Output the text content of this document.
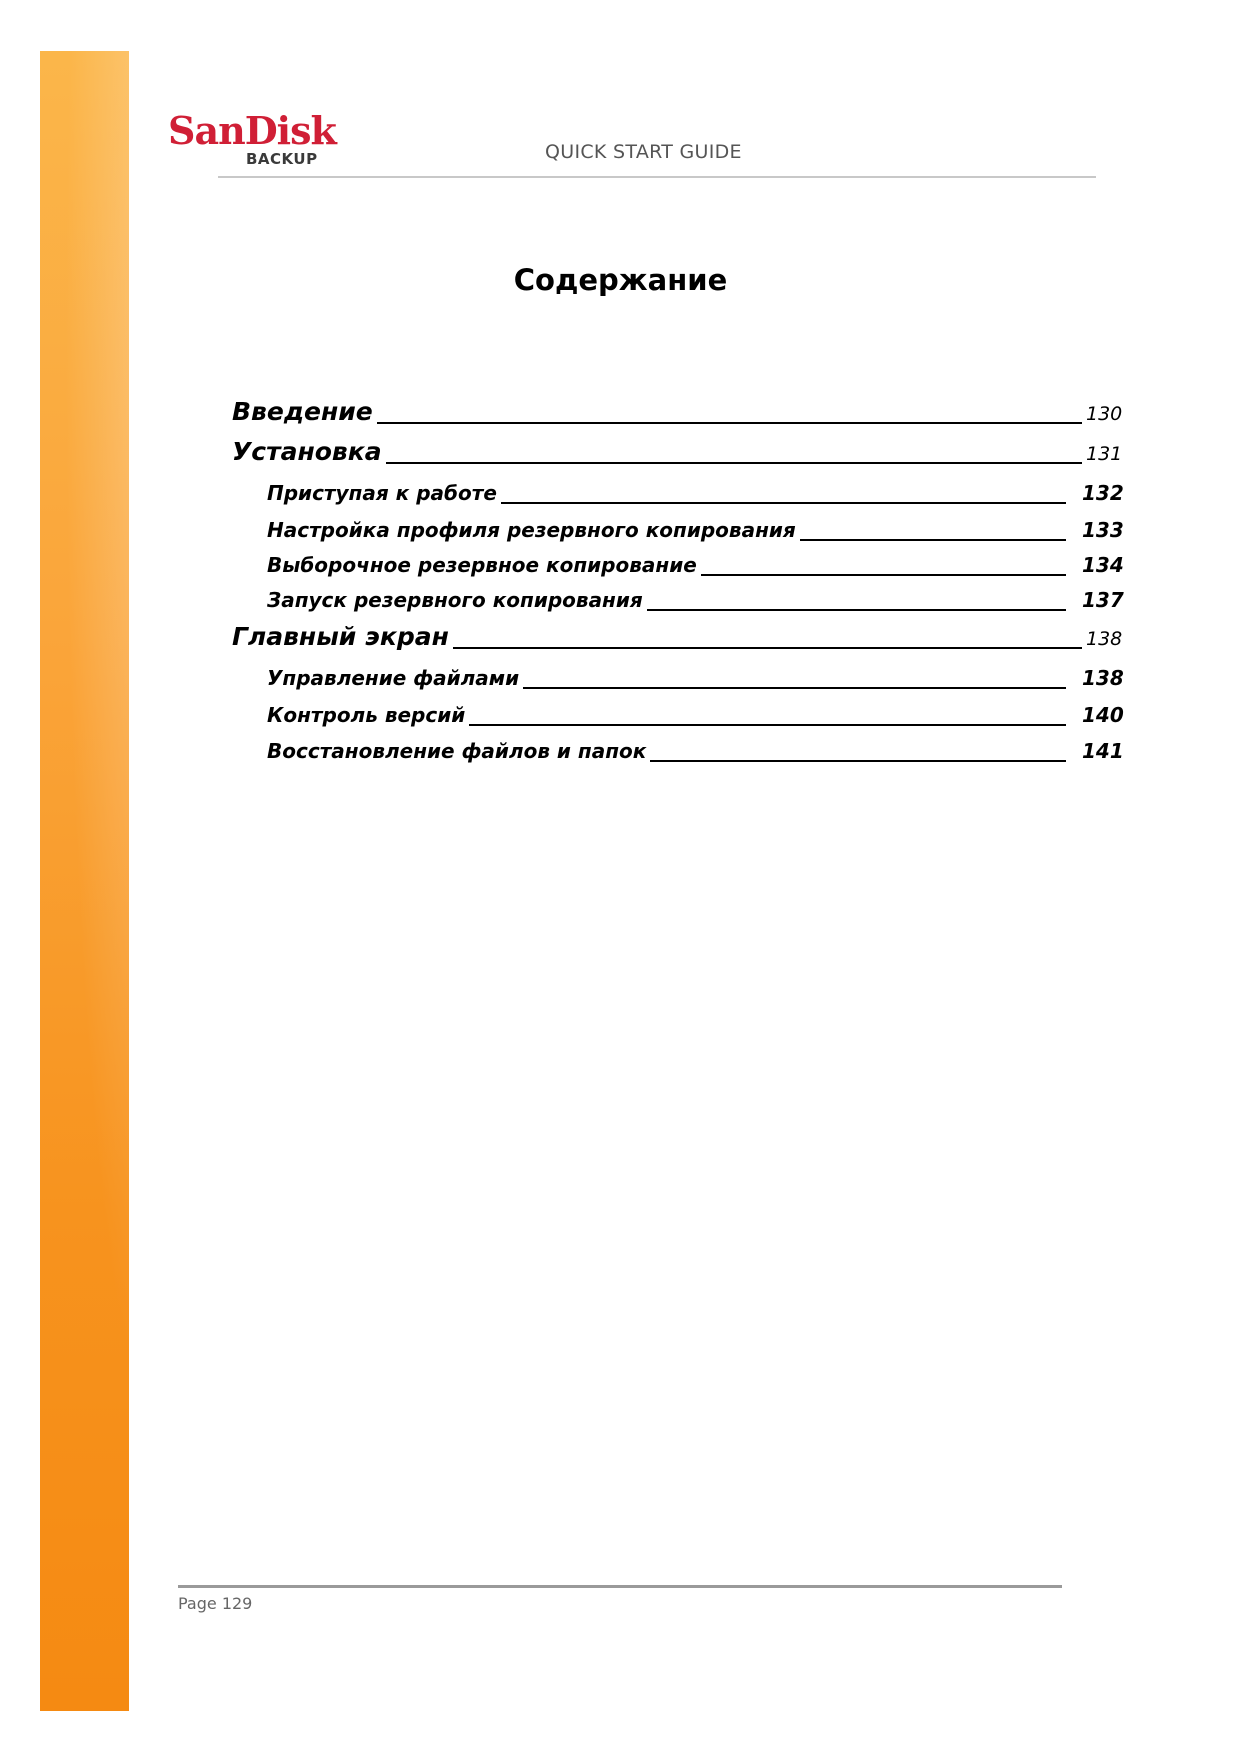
SanDisk
BACKUP	QUICK START GUIDE
Содержание
Введение	130
Установка	131
Приступая к работе	132
Настройка профиля резервного копирования	133
Выборочное резервное копирование	134
Запуск резервного копирования	137
Главный экран	138
Управление файлами	138
Контроль версий	140
Восстановление файлов и папок	141
Page 129
